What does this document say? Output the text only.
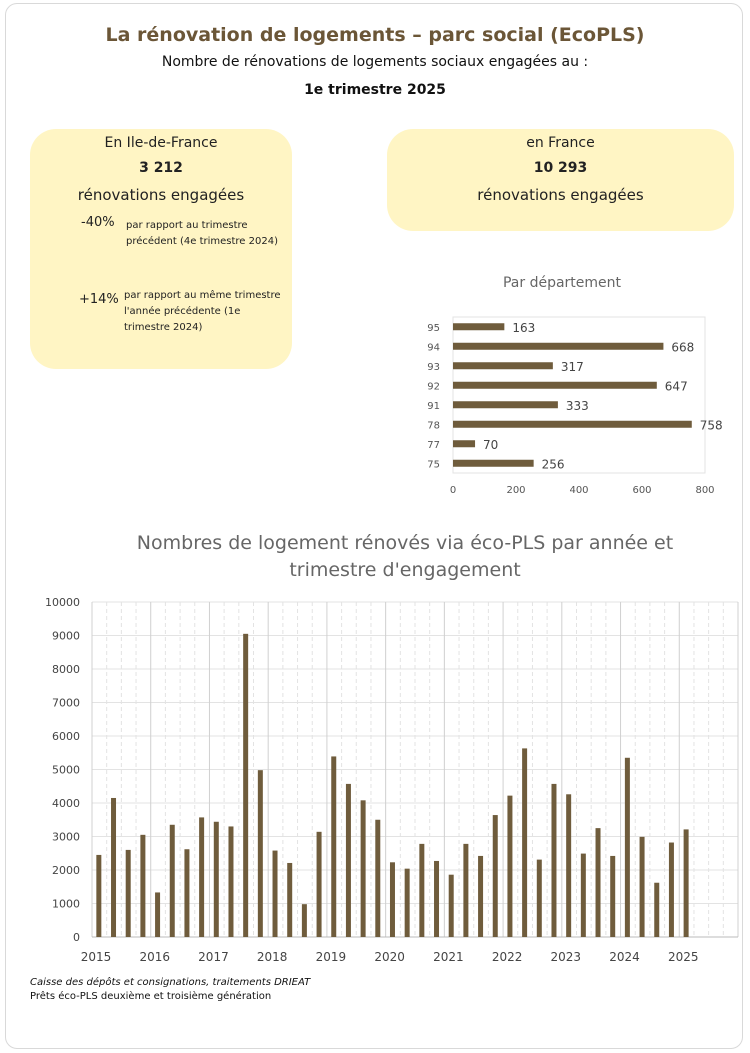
La rénovation de logements – parc social (EcoPLS)
Nombre de rénovations de logements sociaux engagées au :
1e trimestre 2025
En Ile-de-France
3 212
rénovations engagées
-40% par rapport au trimestre
précédent (4e trimestre 2024)
+14% par rapport au même trimestre
l'année précédente (1e
trimestre 2024)
en France
10 293
rénovations engagées
Par département
0	200	400	600	800
95	163
94	668
93	317
92	647
91	333
78	758
77	70
75	256
Nombres de logement rénovés via éco-PLS par année et
trimestre d'engagement
0
1000
2000
3000
4000
5000
6000
7000
8000
9000
10000
2015 2016 2017 2018 2019 2020 2021 2022 2023 2024 2025
Caisse des dépôts et consignations, traitements DRIEAT
Prêts éco-PLS deuxième et troisième génération
